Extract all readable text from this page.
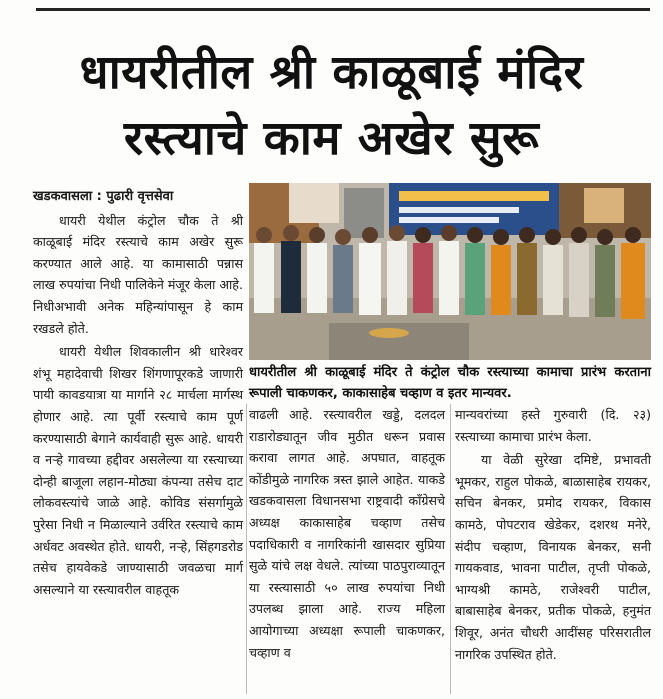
धायरीतील श्री काळूबाई मंदिर
रस्त्याचे काम अखेर सुरू

खडकवासला : पुढारी वृत्तसेवा

धायरी येथील कंट्रोल चौक ते श्री काळूबाई मंदिर रस्त्याचे काम अखेर सुरू करण्यात आले आहे. या कामासाठी पन्नास लाख रुपयांचा निधी पालिकेने मंजूर केला आहे. निधीअभावी अनेक महिन्यांपासून हे काम रखडले होते.

धायरी येथील शिवकालीन श्री धारेश्वर शंभू महादेवाची शिखर शिंगणापूरकडे जाणारी पायी कावडयात्रा या मार्गाने २८ मार्चला मार्गस्थ होणार आहे. त्या पूर्वी रस्त्याचे काम पूर्ण करण्यासाठी बेगाने कार्यवाही सुरू आहे. धायरी व नऱ्हे गावच्या हद्दीवर असलेल्या या रस्त्याच्या दोन्ही बाजूला लहान-मोठ्या कंपन्या तसेच दाट लोकवस्त्यांचे जाळे आहे. कोविड संसर्गामुळे पुरेसा निधी न मिळाल्याने उर्वरित रस्त्याचे काम अर्धवट अवस्थेत होते. धायरी, नऱ्हे, सिंहगडरोड तसेच हायवेकडे जाण्यासाठी जवळचा मार्ग असल्याने या रस्त्यावरील वाहतूक

धायरीतील श्री काळूबाई मंदिर ते कंट्रोल चौक रस्त्याच्या कामाचा प्रारंभ करताना रूपाली चाकणकर, काकासाहेब चव्हाण व इतर मान्यवर.

वाढली आहे. रस्त्यावरील खड्डे, दलदल राडारोड्यातून जीव मुठीत धरून प्रवास करावा लागत आहे. अपघात, वाहतूक कोंडीमुळे नागरिक त्रस्त झाले आहेत. याकडे खडकवासला विधानसभा राष्ट्रवादी काँग्रेसचे अध्यक्ष काकासाहेब चव्हाण तसेच पदाधिकारी व नागरिकांनी खासदार सुप्रिया सुळे यांचे लक्ष वेधले. त्यांच्या पाठपुराव्यातून या रस्त्यासाठी ५० लाख रुपयांचा निधी उपलब्ध झाला आहे. राज्य महिला आयोगाच्या अध्यक्षा रूपाली चाकणकर, चव्हाण व

मान्यवरांच्या हस्ते गुरुवारी (दि. २३) रस्त्याच्या कामाचा प्रारंभ केला.

या वेळी सुरेखा दमिष्टे, प्रभावती भूमकर, राहुल पोकळे, बाळासाहेब रायकर, सचिन बेनकर, प्रमोद रायकर, विकास कामठे, पोपटराव खेडेकर, दशरथ मनेरे, संदीप चव्हाण, विनायक बेनकर, सनी गायकवाड, भावना पाटील, तृप्ती पोकळे, भाग्यश्री कामठे, राजेश्वरी पाटील, बाबासाहेब बेनकर, प्रतीक पोकळे, हनुमंत शिवूर, अनंत चौधरी आदींसह परिसरातील नागरिक उपस्थित होते.
